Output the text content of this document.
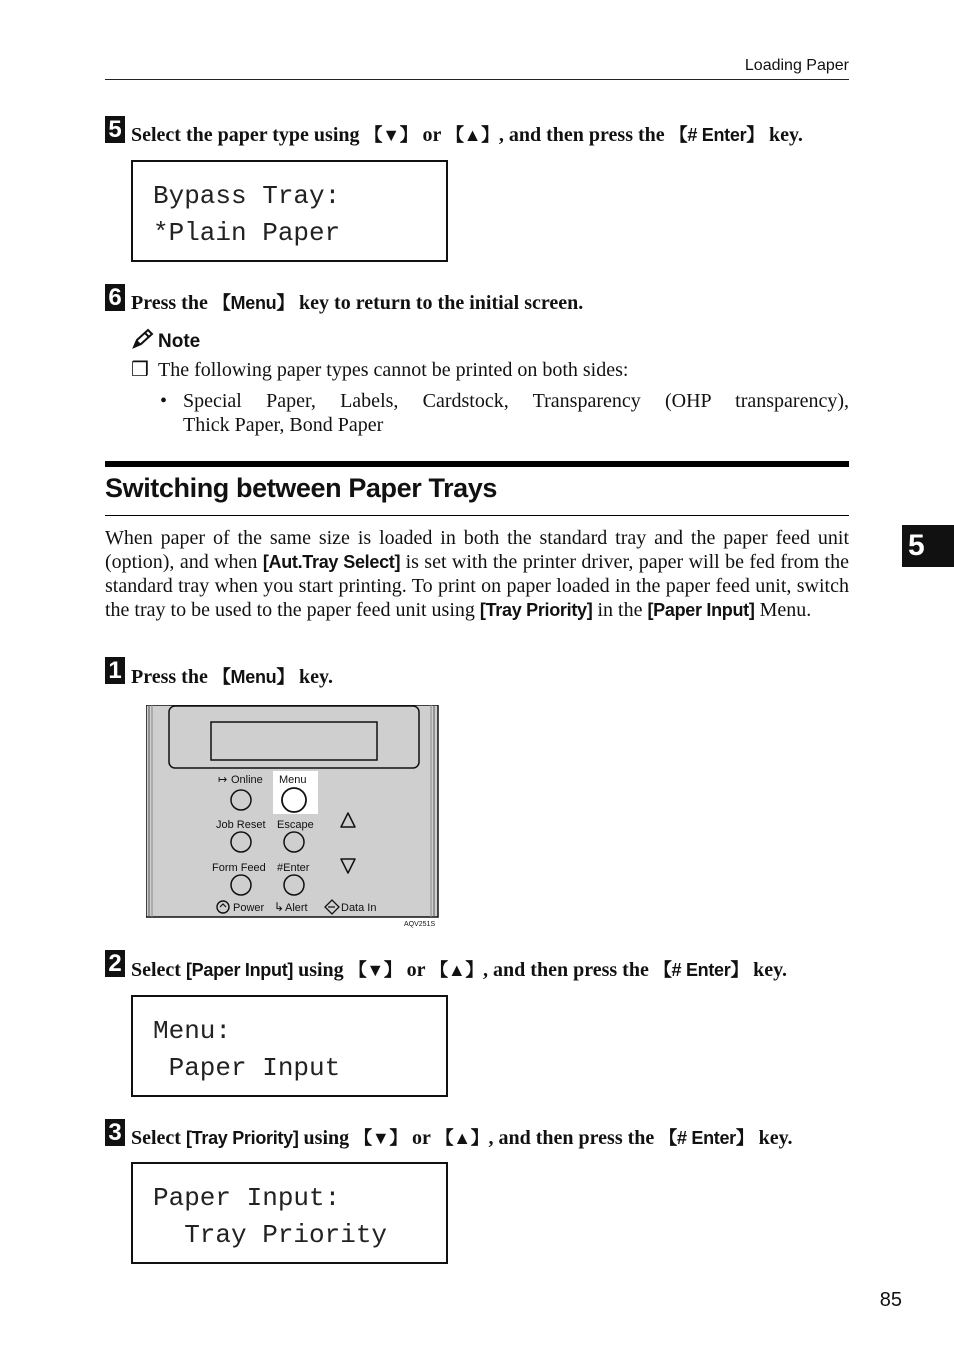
Loading Paper
5 Select the paper type using 【▼】 or 【▲】, and then press the 【# Enter】 key.
Bypass Tray:
*Plain Paper
6 Press the 【Menu】 key to return to the initial screen.
Note
❒ The following paper types cannot be printed on both sides:
• Special Paper, Labels, Cardstock, Transparency (OHP transparency),
Thick Paper, Bond Paper
Switching between Paper Trays
When paper of the same size is loaded in both the standard tray and the paper feed unit (option), and when [Aut.Tray Select] is set with the printer driver, paper will be fed from the standard tray when you start printing. To print on paper loaded in the paper feed unit, switch the tray to be used to the paper feed unit using [Tray Priority] in the [Paper Input] Menu.
5
1 Press the 【Menu】 key.
↦ Online Menu
Job Reset Escape
Form Feed #Enter
Power ↳ Alert	Data In
AQV251S
2 Select [Paper Input] using 【▼】 or 【▲】, and then press the 【# Enter】 key.
Menu:
Paper Input
3 Select [Tray Priority] using 【▼】 or 【▲】, and then press the 【# Enter】 key.
Paper Input:
Tray Priority
85
